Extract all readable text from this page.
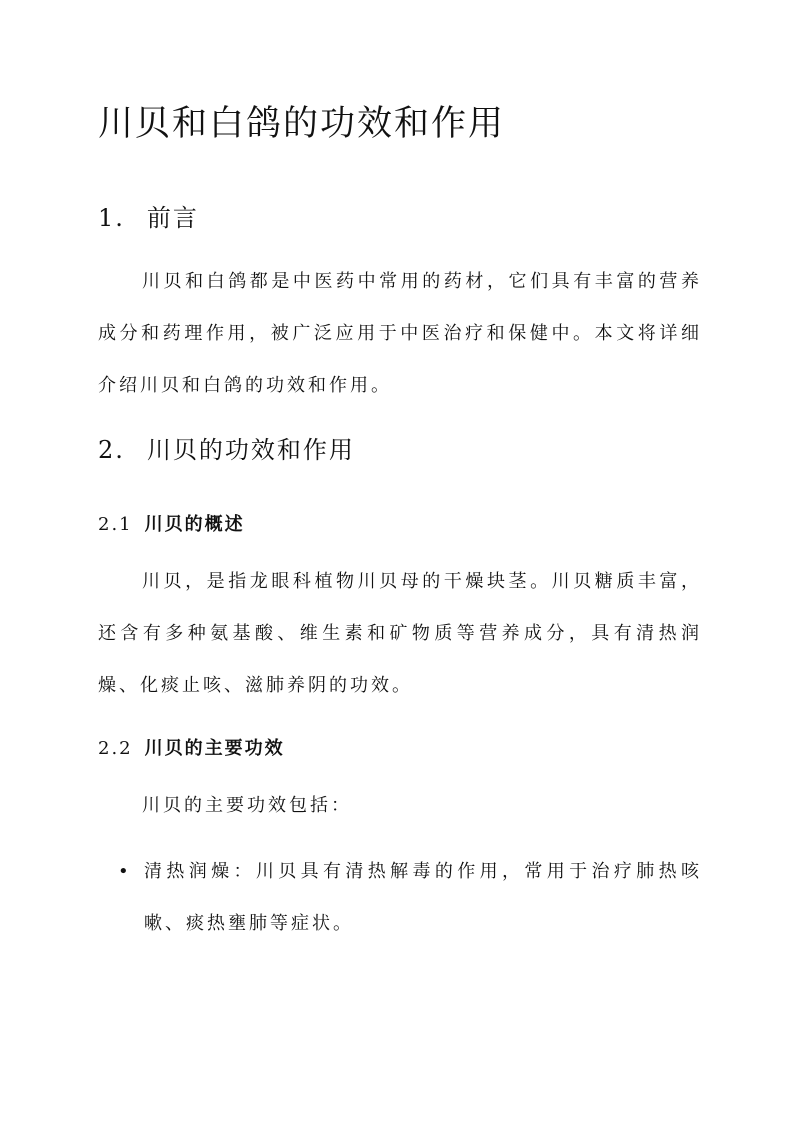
川贝和白鸽的功效和作用
1. 前言

川贝和白鸽都是中医药中常用的药材，它们具有丰富的营养成分和药理作用，被广泛应用于中医治疗和保健中。本文将详细介绍川贝和白鸽的功效和作用。

2. 川贝的功效和作用
2.1 川贝的概述

川贝，是指龙眼科植物川贝母的干燥块茎。川贝糖质丰富，还含有多种氨基酸、维生素和矿物质等营养成分，具有清热润燥、化痰止咳、滋肺养阴的功效。

2.2 川贝的主要功效

川贝的主要功效包括：

• 清热润燥：川贝具有清热解毒的作用，常用于治疗肺热咳嗽、痰热壅肺等症状。
